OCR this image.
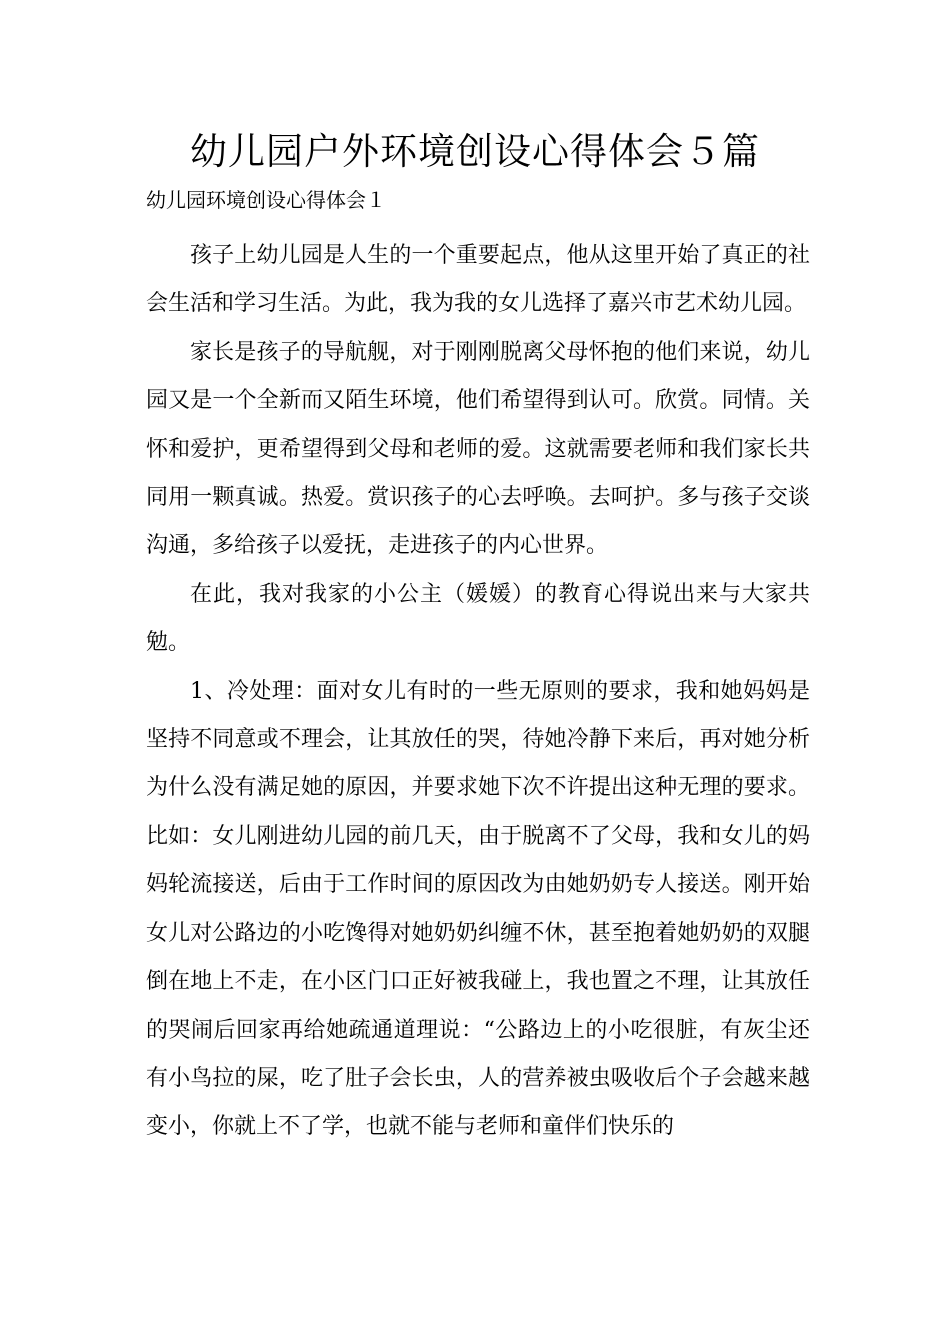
幼儿园户外环境创设心得体会５篇
幼儿园环境创设心得体会１

孩子上幼儿园是人生的一个重要起点，他从这里开始了真正的社会生活和学习生活。为此，我为我的女儿选择了嘉兴市艺术幼儿园。

家长是孩子的导航舰，对于刚刚脱离父母怀抱的他们来说，幼儿园又是一个全新而又陌生环境，他们希望得到认可。欣赏。同情。关怀和爱护，更希望得到父母和老师的爱。这就需要老师和我们家长共同用一颗真诚。热爱。赏识孩子的心去呼唤。去呵护。多与孩子交谈沟通，多给孩子以爱抚，走进孩子的内心世界。

在此，我对我家的小公主（媛媛）的教育心得说出来与大家共勉。

1、冷处理：面对女儿有时的一些无原则的要求，我和她妈妈是坚持不同意或不理会，让其放任的哭，待她冷静下来后，再对她分析为什么没有满足她的原因，并要求她下次不许提出这种无理的要求。比如：女儿刚进幼儿园的前几天，由于脱离不了父母，我和女儿的妈妈轮流接送，后由于工作时间的原因改为由她奶奶专人接送。刚开始女儿对公路边的小吃馋得对她奶奶纠缠不休，甚至抱着她奶奶的双腿倒在地上不走，在小区门口正好被我碰上，我也置之不理，让其放任的哭闹后回家再给她疏通道理说：“公路边上的小吃很脏，有灰尘还有小鸟拉的屎，吃了肚子会长虫，人的营养被虫吸收后个子会越来越变小，你就上不了学，也就不能与老师和童伴们快乐的
